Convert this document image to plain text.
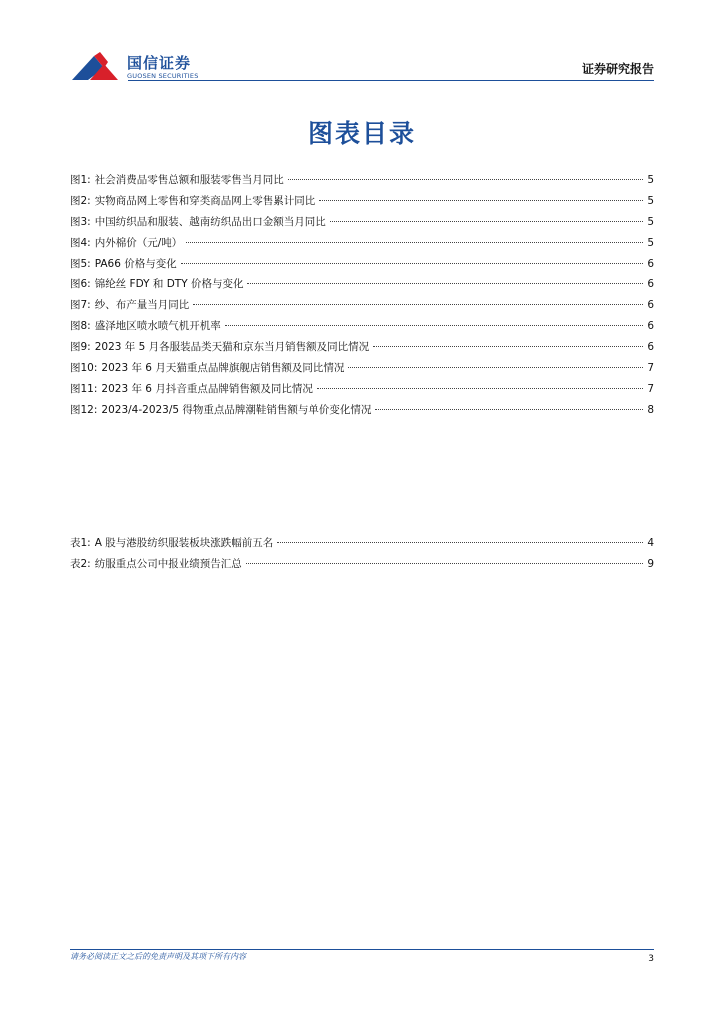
国信证券
GUOSEN SECURITIES	证券研究报告
图表目录
图1: 社会消费品零售总额和服装零售当月同比	5
图2: 实物商品网上零售和穿类商品网上零售累计同比	5
图3: 中国纺织品和服装、越南纺织品出口金额当月同比	5
图4: 内外棉价（元/吨）	5
图5: PA66 价格与变化	6
图6: 锦纶丝 FDY 和 DTY 价格与变化	6
图7: 纱、布产量当月同比	6
图8: 盛泽地区喷水喷气机开机率	6
图9: 2023 年 5 月各服装品类天猫和京东当月销售额及同比情况	6
图10: 2023 年 6 月天猫重点品牌旗舰店销售额及同比情况	7
图11: 2023 年 6 月抖音重点品牌销售额及同比情况	7
图12: 2023/4-2023/5 得物重点品牌潮鞋销售额与单价变化情况	8
表1: A 股与港股纺织服装板块涨跌幅前五名	4
表2: 纺服重点公司中报业绩预告汇总	9
请务必阅读正文之后的免责声明及其项下所有内容	3
